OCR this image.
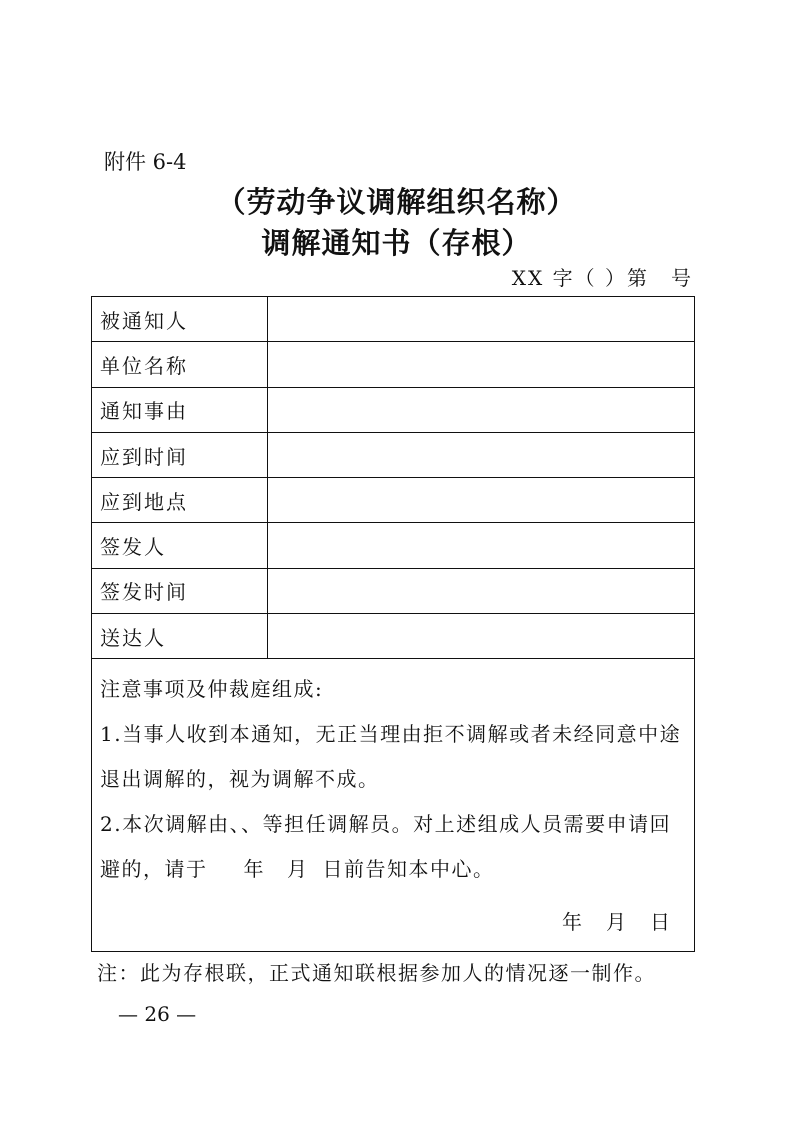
附件 6-4
（劳动争议调解组织名称）
调解通知书（存根）
XX 字（ ）第　号
被通知人
单位名称
通知事由
应到时间
应到地点
签发人
签发时间
送达人

注意事项及仲裁庭组成:

1.当事人收到本通知，无正当理由拒不调解或者未经同意中途退出调解的，视为调解不成。

2.本次调解由、、等担任调解员。对上述组成人员需要申请回避的，请于 年 月 日前告知本中心。

年 月 日
注：此为存根联，正式通知联根据参加人的情况逐一制作。
— 26 —
